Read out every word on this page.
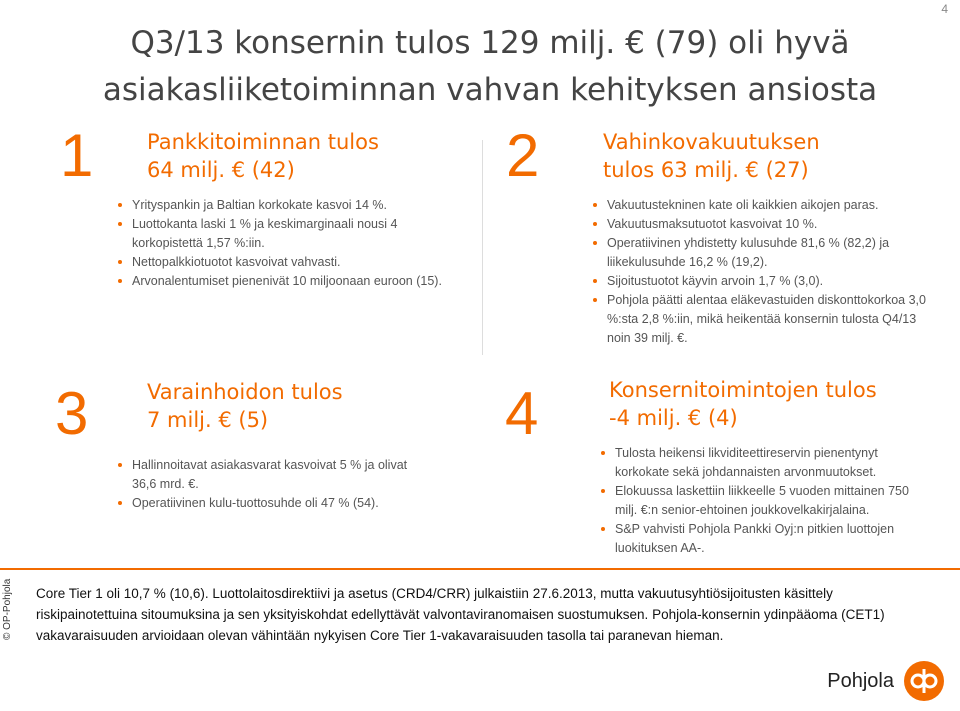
4
Q3/13 konsernin tulos 129 milj. € (79) oli hyvä
asiakasliiketoiminnan vahvan kehityksen ansiosta
1	Pankkitoiminnan tulos
64 milj. € (42)
Yrityspankin ja Baltian korkokate kasvoi 14 %.
Luottokanta laski 1 % ja keskimarginaali nousi 4 korkopistettä 1,57 %:iin.
Nettopalkkiotuotot kasvoivat vahvasti.
Arvonalentumiset pienenivät 10 miljoonaan euroon (15).
2	Vahinkovakuutuksen
tulos 63 milj. € (27)
Vakuutustekninen kate oli kaikkien aikojen paras.
Vakuutusmaksutuotot kasvoivat 10 %.
Operatiivinen yhdistetty kulusuhde 81,6 % (82,2) ja liikekulusuhde 16,2 % (19,2).
Sijoitustuotot käyvin arvoin 1,7 % (3,0).
Pohjola päätti alentaa eläkevastuiden diskonttokorkoa 3,0 %:sta 2,8 %:iin, mikä heikentää konsernin tulosta Q4/13 noin 39 milj. €.
3	Varainhoidon tulos
7 milj. € (5)
Hallinnoitavat asiakasvarat kasvoivat 5 % ja olivat 36,6 mrd. €.
Operatiivinen kulu-tuottosuhde oli 47 % (54).
4	Konsernitoimintojen tulos
-4 milj. € (4)
Tulosta heikensi likviditeettireservin pienentynyt korkokate sekä johdannaisten arvonmuutokset.
Elokuussa laskettiin liikkeelle 5 vuoden mittainen 750 milj. €:n senior-ehtoinen joukkovelkakirjalaina.
S&P vahvisti Pohjola Pankki Oyj:n pitkien luottojen luokituksen AA-.
© OP-Pohjola Core Tier 1 oli 10,7 % (10,6). Luottolaitosdirektiivi ja asetus (CRD4/CRR) julkaistiin 27.6.2013, mutta vakuutusyhtiösijoitusten käsittely riskipainotettuina sitoumuksina ja sen yksityiskohdat edellyttävät valvontaviranomaisen suostumuksen. Pohjola-konsernin ydinpääoma (CET1) vakavaraisuuden arvioidaan olevan vähintään nykyisen Core Tier 1-vakavaraisuuden tasolla tai paranevan hieman.
Pohjola
